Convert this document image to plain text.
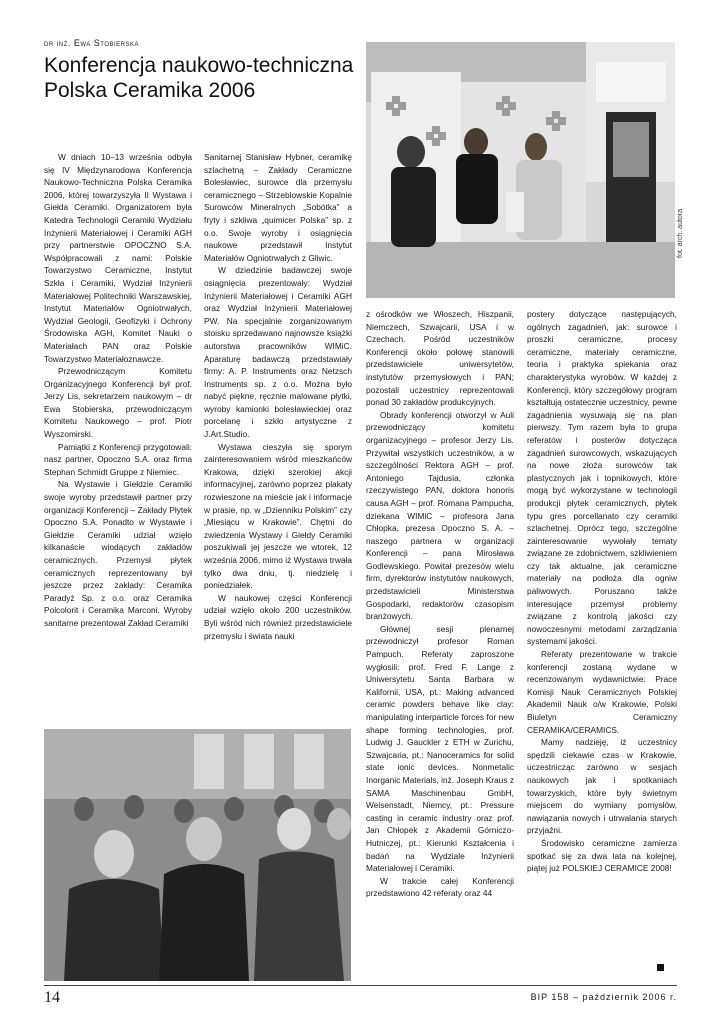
dr inż. Ewa Stobierska
Konferencja naukowo-techniczna Polska Ceramika 2006

W dniach 10–13 września odbyła się IV Międzynarodowa Konferencja Naukowo-Techniczna Polska Ceramika 2006, której towarzyszyła II Wystawa i Giełda Ceramiki. Organizatorem była Katedra Technologii Ceramiki Wydziału Inżynierii Materiałowej i Ceramiki AGH przy partnerstwie OPOCZNO S.A. Współpracowali z nami: Polskie Towarzystwo Ceramiczne, Instytut Szkła i Ceramiki, Wydział Inżynierii Materiałowej Politechniki Warszawskiej, Instytut Materiałów Ogniotrwałych, Wydział Geologii, Geofizyki i Ochrony Środowiska AGH, Komitet Nauki o Materiałach PAN oraz Polskie Towarzystwo Materiałoznawcze.

Przewodniczącym Komitetu Organizacyjnego Konferencji był prof. Jerzy Lis, sekretarzem naukowym – dr Ewa Stobierska, przewodniczącym Komitetu Naukowego – prof. Piotr Wyszomirski.

Pamiątki z Konferencji przygotowali: nasz partner, Opoczno S.A. oraz firma Stephan Schmidt Gruppe z Niemiec.

Na Wystawie i Giełdzie Ceramiki swoje wyroby przedstawił partner przy organizacji Konferencji – Zakłady Płytek Opoczno S.A. Ponadto w Wystawie i Giełdzie Ceramiki udział wzięło kilkanaście wiodących zakładów ceramicznych. Przemysł płytek ceramicznych reprezentowany był jeszcze przez zakłady: Ceramika Paradyż Sp. z o.o. oraz Ceramika Polcolorit i Ceramika Marconi. Wyroby sanitarne prezentował Zakład Ceramiki

Sanitarnej Stanisław Hybner, ceramikę szlachetną – Zakłady Ceramiczne Bolesławiec, surowce dla przemysłu ceramicznego – Strzeblowskie Kopalnie Surowców Mineralnych „Sobótka” a fryty i szkliwa „quimicer Polska” sp. z o.o. Swoje wyroby i osiągnięcia naukowe przedstawił Instytut Materiałów Ogniotrwałych z Gliwic.

W dziedzinie badawczej swoje osiągnięcia prezentowały: Wydział Inżynierii Materiałowej i Ceramiki AGH oraz Wydział Inżynierii Materiałowej PW. Na specjalnie zorganizowanym stoisku sprzedawano najnowsze książki autorstwa pracowników WIMiC. Aparaturę badawczą przedstawiały firmy: A. P. Instruments oraz Netzsch Instruments sp. z o.o. Można było nabyć piękne, ręcznie malowane płytki, wyroby kamionki bolesławieckiej oraz porcelanę i szkło artystyczne z J.Art.Studio.

Wystawa cieszyła się sporym zainteresowaniem wśród mieszkańców Krakowa, dzięki szerokiej akcji informacyjnej, zarówno poprzez plakaty rozwieszone na mieście jak i informacje w prasie, np. w „Dzienniku Polskim” czy „Miesiącu w Krakowie”. Chętni do zwiedzenia Wystawy i Giełdy Ceramiki poszukiwali jej jeszcze we wtorek, 12 września 2006, mimo iż Wystawa trwała tylko dwa dniu, tj. niedzielę i poniedziałek.

W naukowej części Konferencji udział wzięło około 200 uczestników. Byli wśród nich również przedstawiciele przemysłu i świata nauki

fot. arch. autora

z ośrodków we Włoszech, Hiszpanii, Niemczech, Szwajcarii, USA i w Czechach. Pośród uczestników Konferencji około połowę stanowili przedstawiciele uniwersytetów, instytutów przemysłowych i PAN; pozostali uczestnicy reprezentowali ponad 30 zakładów produkcyjnych.

Obrady konferencji otworzył w Auli przewodniczący komitetu organizacyjnego – profesor Jerzy Lis. Przywitał wszystkich uczestników, a w szczególności Rektora AGH – prof. Antoniego Tajdusia, członka rzeczywistego PAN, doktora honoris causa AGH – prof. Romana Pampucha, dziekana WIMiC – profesora Jana Chłopka, prezesa Opoczno S. A. – naszego partnera w organizacji Konferencji – pana Mirosława Godlewskiego. Powitał prezesów wielu firm, dyrektorów instytutów naukowych, przedstawicieli Ministerstwa Gospodarki, redaktorów czasopism branżowych.

Głównej sesji plenarnej przewodniczył profesor Roman Pampuch. Referaty zaproszone wygłosili: prof. Fred F. Lange z Uniwersytetu Santa Barbara w Kalifornii, USA, pt.: Making advanced ceramic powders behave like clay: manipulating interparticle forces for new shape forming technologies, prof. Ludwig J. Gauckler z ETH w Zurichu, Szwajcaria, pt.: Nanoceramics for solid state ionic devices. Nonmetalic Inorganic Materials, inż. Joseph Kraus z SAMA Maschinenbau GmbH, Weisenstadt, Niemcy, pt.: Pressure casting in ceramic industry oraz prof. Jan Chłopek z Akademii Górniczo-Hutniczej, pt.: Kierunki Kształcenia i badań na Wydziale Inżynierii Materiałowej i Ceramiki.

W trakcie całej Konferencji przedstawiono 42 referaty oraz 44

postery dotyczące następujących, ogólnych zagadnień, jak: surowce i proszki ceramiczne, procesy ceramiczne, materiały ceramiczne, teoria i praktyka spiekania oraz charakterystyka wyrobów. W każdej z Konferencji, który szczegółowy program kształtują ostatecznie uczestnicy, pewne zagadnienia wysuwają się na plan pierwszy. Tym razem była to grupa referatów i posterów dotycząca zagadnień surowcowych, wskazujących na nowe złoża surowców tak plastycznych jak i topnikowych, które mogą być wykorzystane w technologii produkcji płytek ceramicznych, płytek typu gres porcellanato czy ceramiki szlachetnej. Oprócz tego, szczególne zainteresowanie wywołały tematy związane ze zdobnictwem, szkliwieniem czy tak aktualne, jak ceramiczne materiały na podłoża dla ogniw paliwowych. Poruszano także interesujące przemysł problemy związane z kontrolą jakości czy nowoczesnymi metodami zarządzania systemami jakości.

Referaty prezentowane w trakcie konferencji zostaną wydane w recenzowanym wydawnictwie: Prace Komisji Nauk Ceramicznych Polskiej Akademii Nauk o/w Krakowie, Polski Biuletyn Ceramiczny CERAMIKA/CERAMICS.

Mamy nadzieję, iż uczestnicy spędzili ciekawie czas w Krakowie, uczestnicząc zarówno w sesjach naukowych jak i spotkaniach towarzyskich, które były świetnym miejscem do wymiany pomysłów, nawiązania nowych i utrwalania starych przyjaźni.

Środowisko ceramiczne zamierza spotkać się za dwa lata na kolejnej, piątej już POLSKIEJ CERAMICE 2008!

14	BIP 158 – październik 2006 r.
